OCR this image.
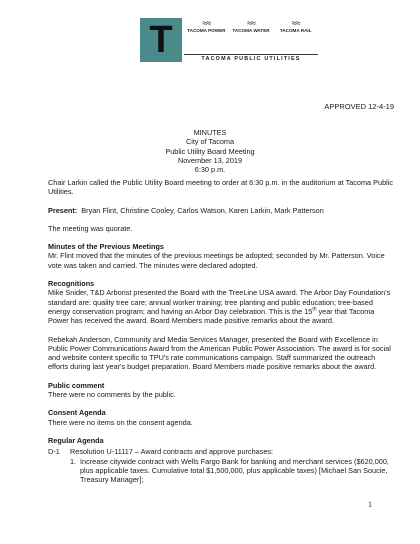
T	≈≈
TACOMA POWER
≈≈
TACOMA WATER
≈≈
TACOMA RAIL
TACOMA PUBLIC UTILITIES
APPROVED 12-4-19
MINUTES
City of Tacoma
Public Utility Board Meeting
November 13, 2019
6:30 p.m.

Chair Larkin called the Public Utility Board meeting to order at 6:30 p.m. in the auditorium at Tacoma Public Utilities.

Present: Bryan Flint, Christine Cooley, Carlos Watson, Karen Larkin, Mark Patterson

The meeting was quorate.

Minutes of the Previous Meetings

Mr. Flint moved that the minutes of the previous meetings be adopted; seconded by Mr. Patterson. Voice vote was taken and carried. The minutes were declared adopted.

Recognitions

Mike Snider, T&D Arborist presented the Board with the TreeLine USA award. The Arbor Day Foundation's standard are: quality tree care; annual worker training; tree planting and public education; tree-based energy conservation program; and having an Arbor Day celebration. This is the 15th year that Tacoma Power has received the award. Board Members made positive remarks about the award.

Rebekah Anderson, Community and Media Services Manager, presented the Board with Excellence in Public Power Communications Award from the American Public Power Association. The award is for social and website content specific to TPU's rate communications campaign. Staff summarized the outreach efforts during last year's budget preparation. Board Members made positive remarks about the award.

Public comment

There were no comments by the public.

Consent Agenda

There were no items on the consent agenda.

Regular Agenda
D-1	Resolution U-11117 – Award contracts and approve purchases:
1. Increase citywide contract with Wells Fargo Bank for banking and merchant services ($620,000, plus applicable taxes. Cumulative total $1,500,000, plus applicable taxes) [Michael San Soucie, Treasury Manager];
1
